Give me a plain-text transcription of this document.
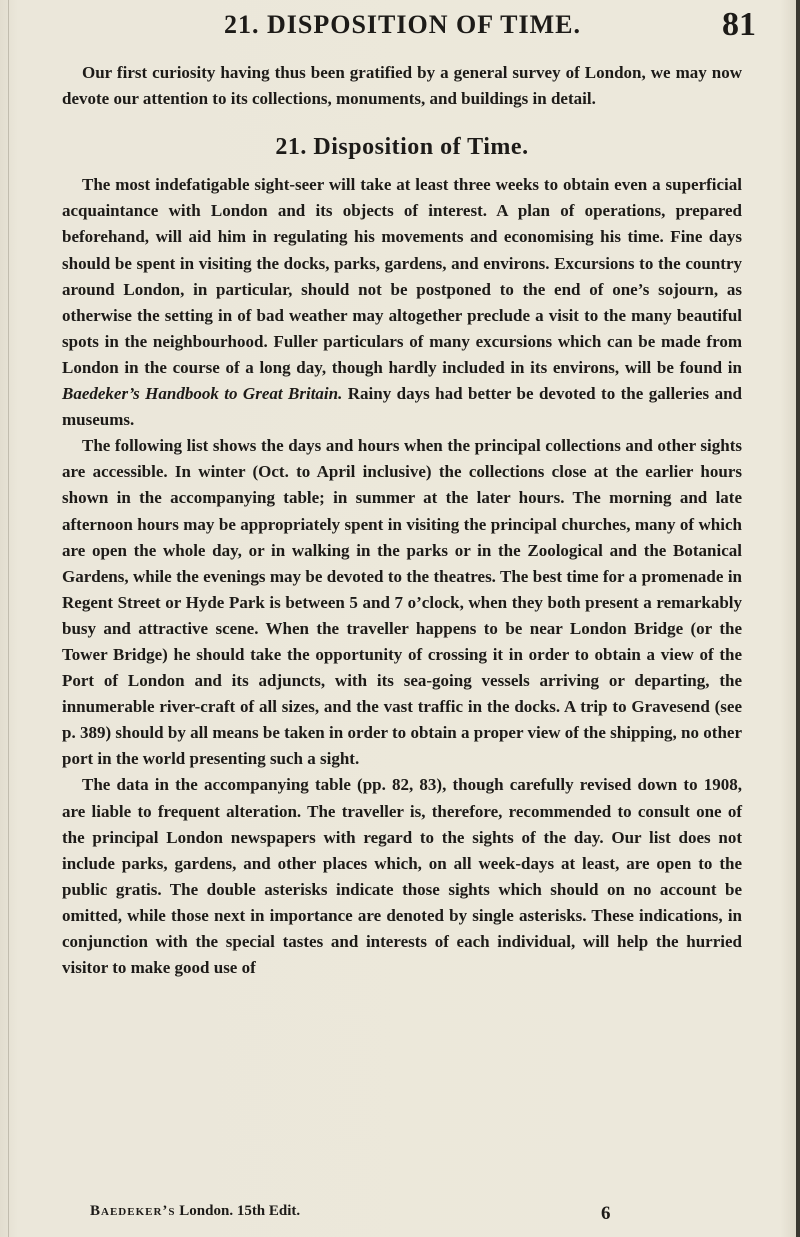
21. DISPOSITION OF TIME.	81

Our first curiosity having thus been gratified by a general survey of London, we may now devote our attention to its collections, monuments, and buildings in detail.

21. Disposition of Time.

The most indefatigable sight-seer will take at least three weeks to obtain even a superficial acquaintance with London and its objects of interest. A plan of operations, prepared beforehand, will aid him in regulating his movements and economising his time. Fine days should be spent in visiting the docks, parks, gardens, and environs. Excursions to the country around London, in particular, should not be postponed to the end of one’s sojourn, as otherwise the setting in of bad weather may altogether preclude a visit to the many beautiful spots in the neighbourhood. Fuller particulars of many excursions which can be made from London in the course of a long day, though hardly included in its environs, will be found in Baedeker’s Handbook to Great Britain. Rainy days had better be devoted to the galleries and museums.

The following list shows the days and hours when the principal collections and other sights are accessible. In winter (Oct. to April inclusive) the collections close at the earlier hours shown in the accompanying table; in summer at the later hours. The morning and late afternoon hours may be appropriately spent in visiting the principal churches, many of which are open the whole day, or in walking in the parks or in the Zoological and the Botanical Gardens, while the evenings may be devoted to the theatres. The best time for a promenade in Regent Street or Hyde Park is between 5 and 7 o’clock, when they both present a remarkably busy and attractive scene. When the traveller happens to be near London Bridge (or the Tower Bridge) he should take the opportunity of crossing it in order to obtain a view of the Port of London and its adjuncts, with its sea-going vessels arriving or departing, the innumerable river-craft of all sizes, and the vast traffic in the docks. A trip to Gravesend (see p. 389) should by all means be taken in order to obtain a proper view of the shipping, no other port in the world presenting such a sight.

The data in the accompanying table (pp. 82, 83), though carefully revised down to 1908, are liable to frequent alteration. The traveller is, therefore, recommended to consult one of the principal London newspapers with regard to the sights of the day. Our list does not include parks, gardens, and other places which, on all week-days at least, are open to the public gratis. The double asterisks indicate those sights which should on no account be omitted, while those next in importance are denoted by single asterisks. These indications, in conjunction with the special tastes and interests of each individual, will help the hurried visitor to make good use of

Baedeker’s London. 15th Edit.	6
